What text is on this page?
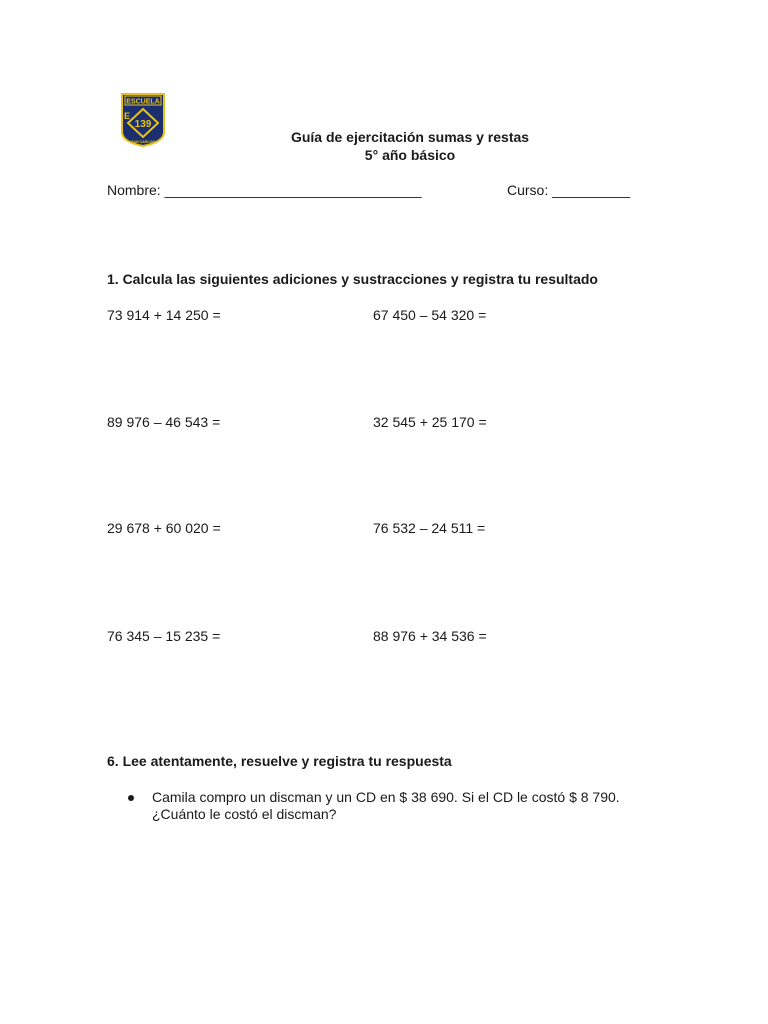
ESCUELA
E
139
SAN CARLOS	Guía de ejercitación sumas y restas
5° año básico
Nombre: _________________________________	Curso: __________
1. Calcula las siguientes adiciones y sustracciones y registra tu resultado
73 914 + 14 250 =	67 450 – 54 320 =
89 976 – 46 543 =	32 545 + 25 170 =
29 678 + 60 020 =	76 532 – 24 511 =
76 345 – 15 235 =	88 976 + 34 536 =
6. Lee atentamente, resuelve y registra tu respuesta
Camila compro un discman y un CD en $ 38 690. Si el CD le costó $ 8 790.
¿Cuánto le costó el discman?
